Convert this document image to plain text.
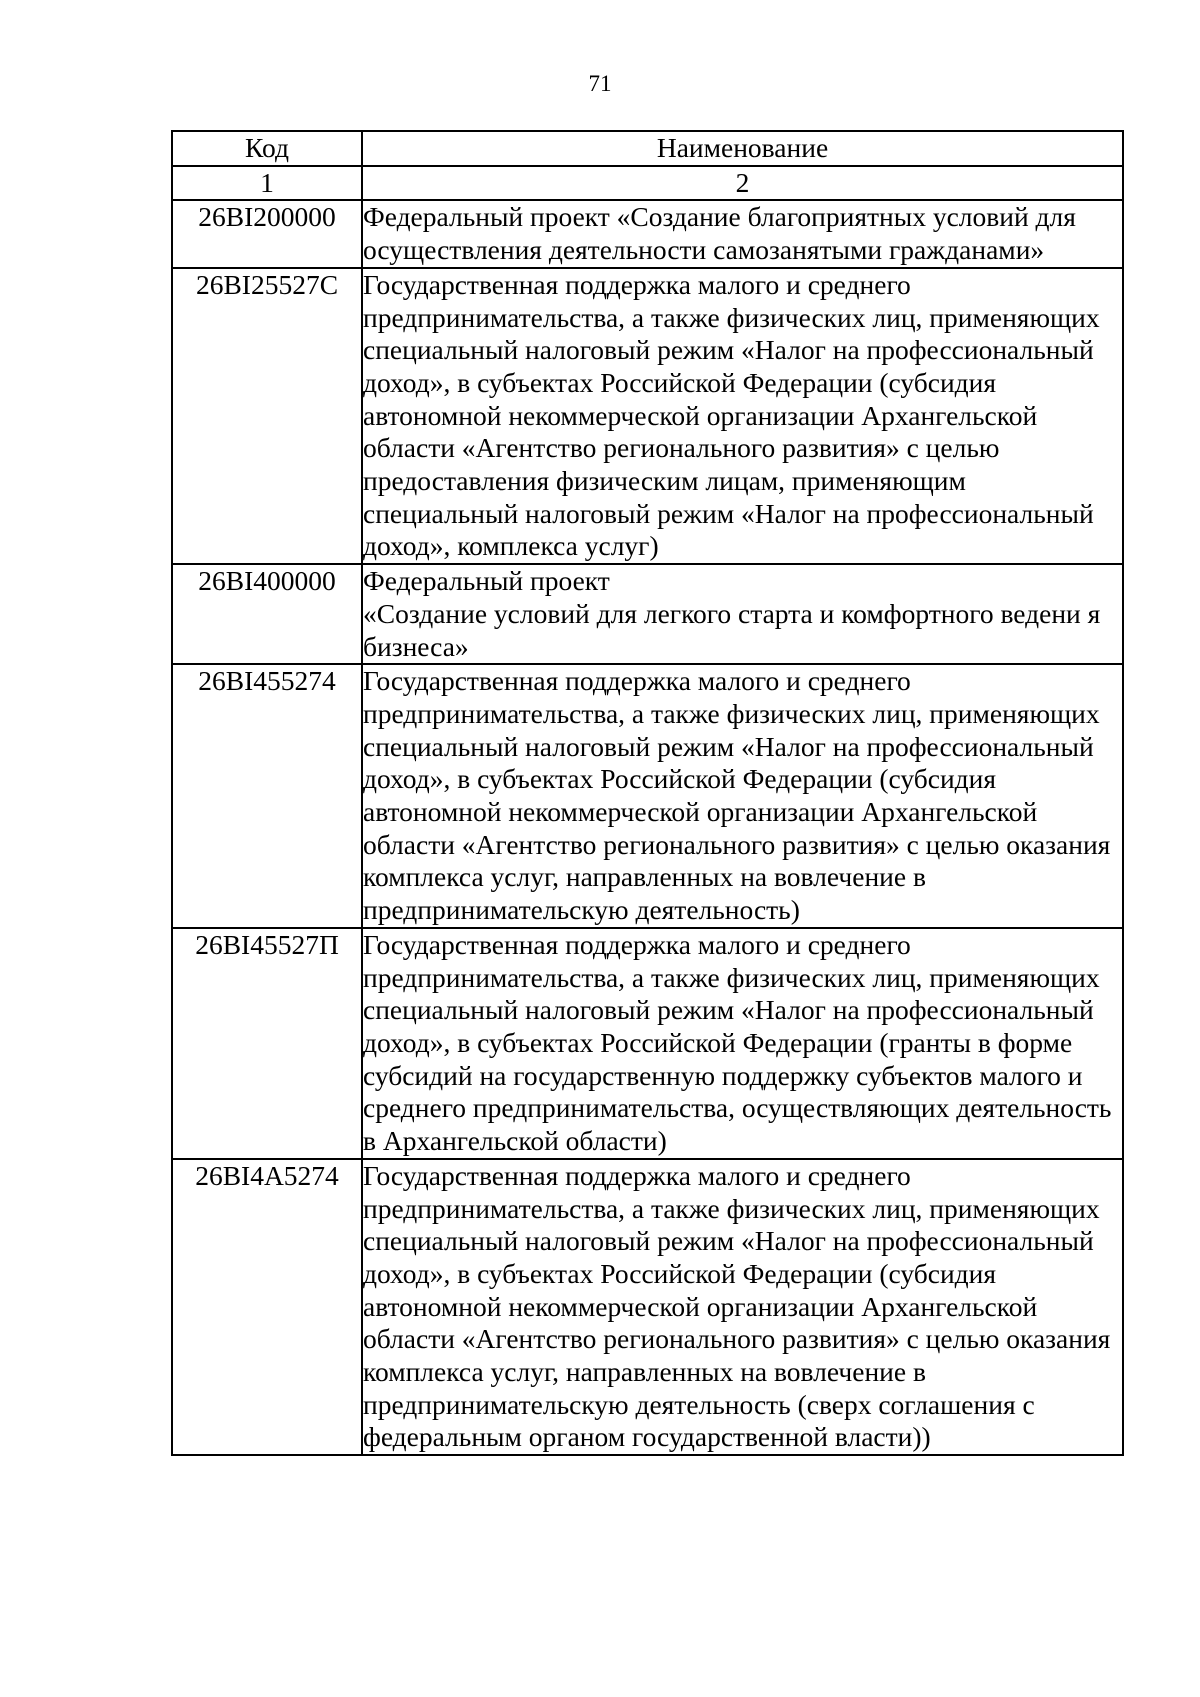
71
Код	Наименование
1	2
26BI200000	Федеральный проект «Создание благоприятных условий для осуществления деятельности самозанятыми гражданами»
26BI25527C	Государственная поддержка малого и среднего предпринимательства, а также физических лиц, применяющих специальный налоговый режим «Налог на профессиональный доход», в субъектах Российской Федерации (субсидия автономной некоммерческой организации Архангельской области «Агентство регионального развития» с целью предоставления физическим лицам, применяющим специальный налоговый режим «Налог на профессиональный доход», комплекса услуг)
26BI400000	Федеральный проект
«Создание условий для легкого старта и комфортного ведени я бизнеса»
26BI455274	Государственная поддержка малого и среднего предпринимательства, а также физических лиц, применяющих специальный налоговый режим «Налог на профессиональный доход», в субъектах Российской Федерации (субсидия автономной некоммерческой организации Архангельской области «Агентство регионального развития» с целью оказания комплекса услуг, направленных на вовлечение в предпринимательскую деятельность)
26BI45527П	Государственная поддержка малого и среднего предпринимательства, а также физических лиц, применяющих специальный налоговый режим «Налог на профессиональный доход», в субъектах Российской Федерации (гранты в форме субсидий на государственную поддержку субъектов малого и среднего предпринимательства, осуществляющих деятельность в Архангельской области)
26BI4A5274	Государственная поддержка малого и среднего предпринимательства, а также физических лиц, применяющих специальный налоговый режим «Налог на профессиональный доход», в субъектах Российской Федерации (субсидия автономной некоммерческой организации Архангельской области «Агентство регионального развития» с целью оказания комплекса услуг, направленных на вовлечение в предпринимательскую деятельность (сверх соглашения с федеральным органом государственной власти))
